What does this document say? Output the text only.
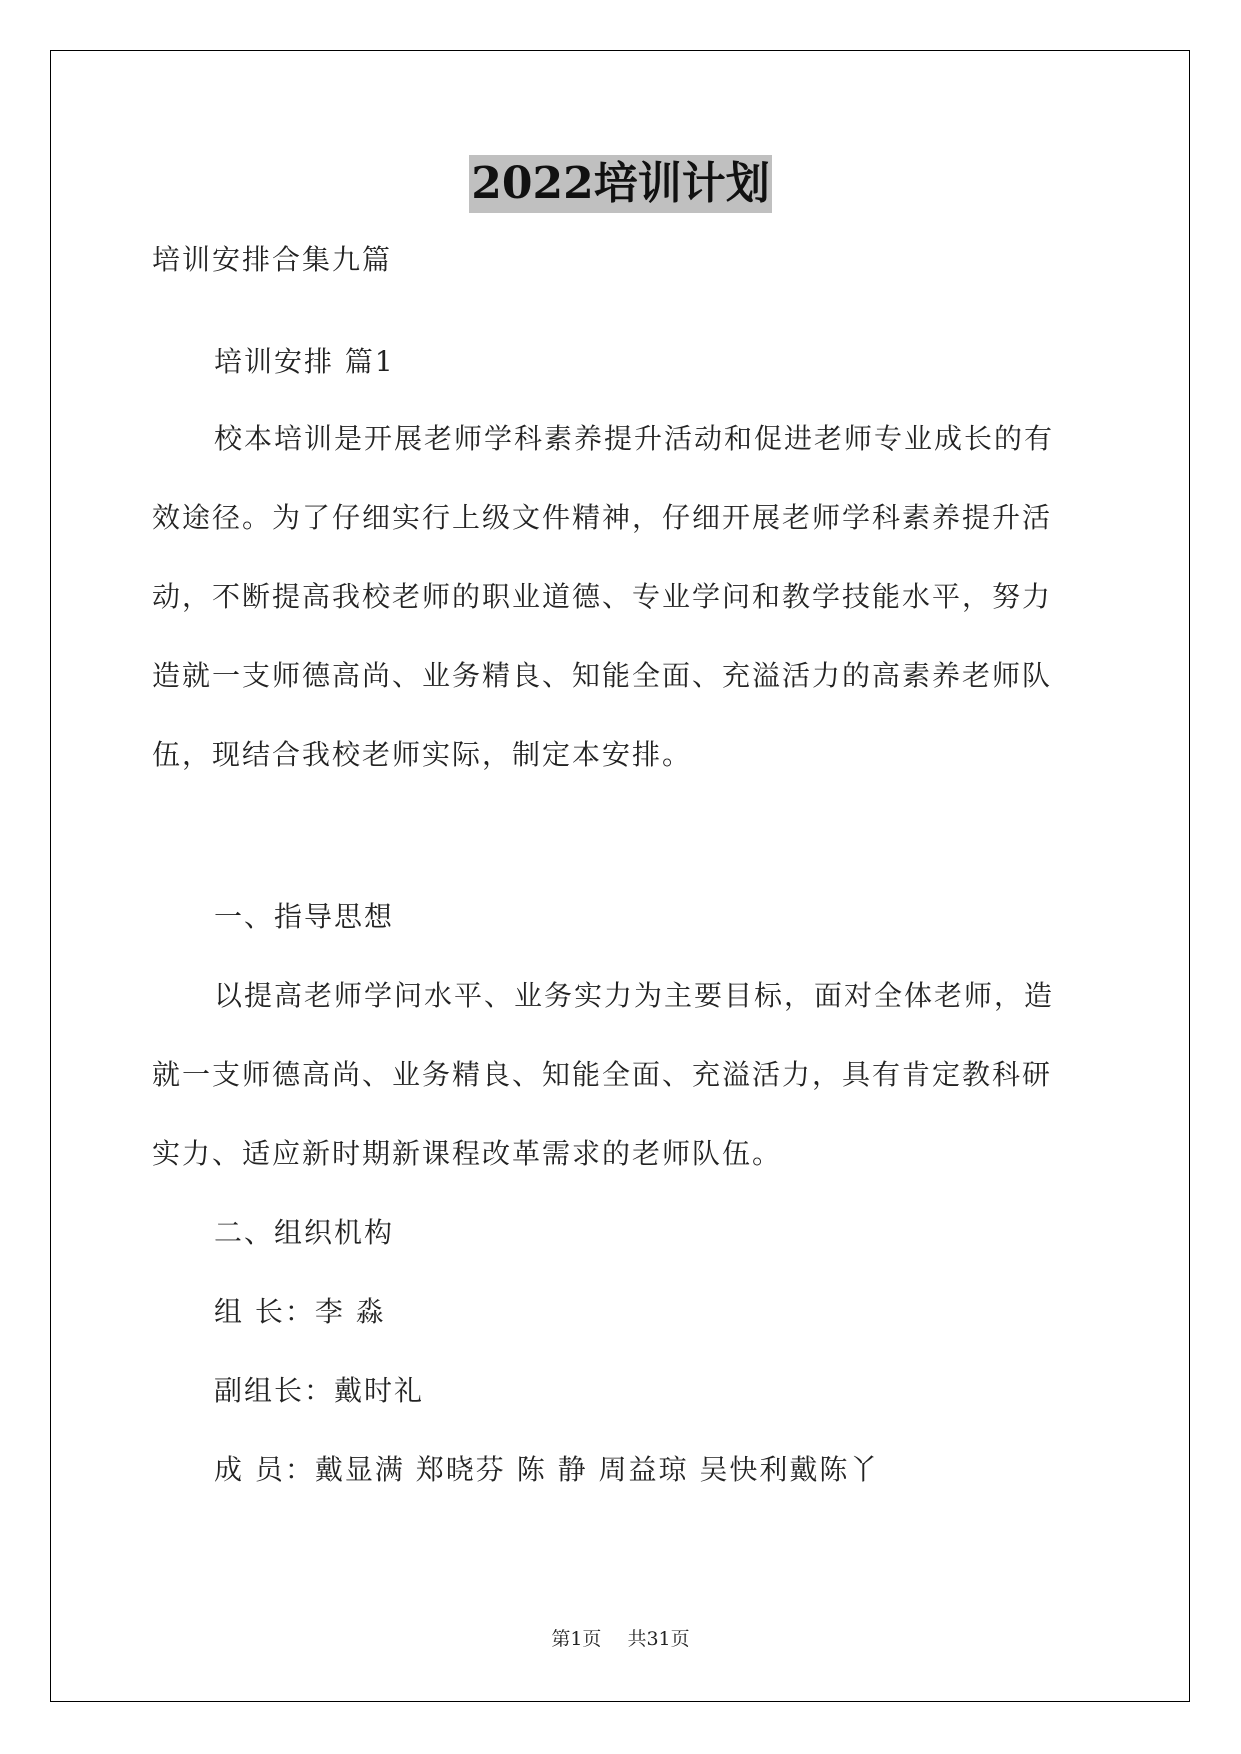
2022培训计划
培训安排合集九篇
培训安排 篇1
校本培训是开展老师学科素养提升活动和促进老师专业成长的有
效途径。为了仔细实行上级文件精神，仔细开展老师学科素养提升活
动，不断提高我校老师的职业道德、专业学问和教学技能水平，努力
造就一支师德高尚、业务精良、知能全面、充溢活力的高素养老师队
伍，现结合我校老师实际，制定本安排。
一、指导思想
以提高老师学问水平、业务实力为主要目标，面对全体老师，造
就一支师德高尚、业务精良、知能全面、充溢活力，具有肯定教科研
实力、适应新时期新课程改革需求的老师队伍。
二、组织机构
组 长：李 淼
副组长：戴时礼
成 员：戴显满 郑晓芬 陈 静 周益琼 吴快利戴陈丫
第1页 共31页
